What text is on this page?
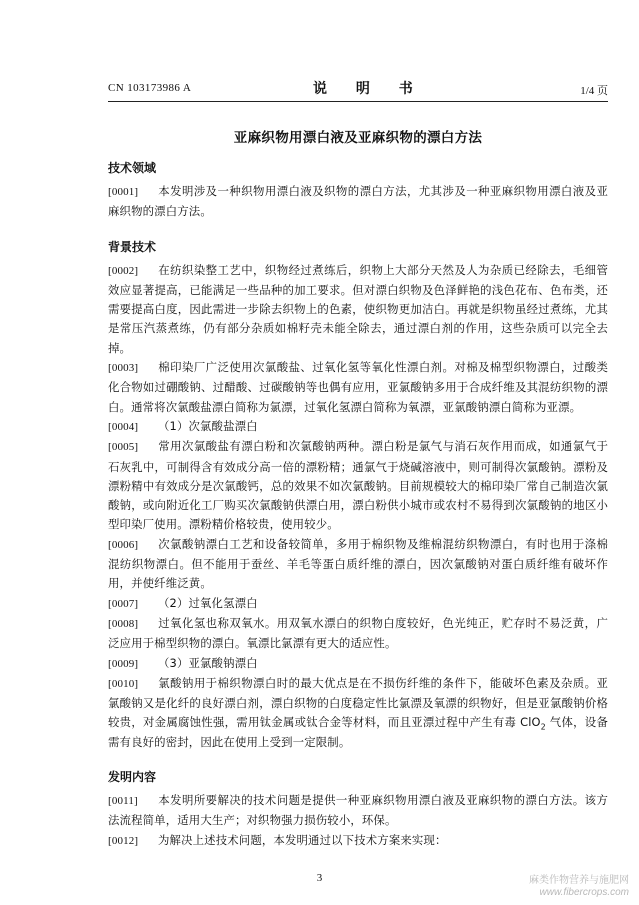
CN 103173986 A	说 明 书	1/4 页
亚麻织物用漂白液及亚麻织物的漂白方法
技术领域
[0001] 本发明涉及一种织物用漂白液及织物的漂白方法，尤其涉及一种亚麻织物用漂白液及亚麻织物的漂白方法。
背景技术
[0002] 在纺织染整工艺中，织物经过煮练后，织物上大部分天然及人为杂质已经除去，毛细管效应显著提高，已能满足一些品种的加工要求。但对漂白织物及色泽鲜艳的浅色花布、色布类，还需要提高白度，因此需进一步除去织物上的色素，使织物更加洁白。再就是织物虽经过煮练，尤其是常压汽蒸煮练，仍有部分杂质如棉籽壳未能全除去，通过漂白剂的作用，这些杂质可以完全去掉。
[0003] 棉印染厂广泛使用次氯酸盐、过氧化氢等氧化性漂白剂。对棉及棉型织物漂白，过酸类化合物如过硼酸钠、过醋酸、过碳酸钠等也偶有应用，亚氯酸钠多用于合成纤维及其混纺织物的漂白。通常将次氯酸盐漂白简称为氯漂，过氧化氢漂白简称为氧漂，亚氯酸钠漂白简称为亚漂。
[0004] （1）次氯酸盐漂白
[0005] 常用次氯酸盐有漂白粉和次氯酸钠两种。漂白粉是氯气与消石灰作用而成，如通氯气于石灰乳中，可制得含有效成分高一倍的漂粉精；通氯气于烧碱溶液中，则可制得次氯酸钠。漂粉及漂粉精中有效成分是次氯酸钙，总的效果不如次氯酸钠。目前规模较大的棉印染厂常自己制造次氯酸钠，或向附近化工厂购买次氯酸钠供漂白用，漂白粉供小城市或农村不易得到次氯酸钠的地区小型印染厂使用。漂粉精价格较贵，使用较少。
[0006] 次氯酸钠漂白工艺和设备较简单，多用于棉织物及维棉混纺织物漂白，有时也用于涤棉混纺织物漂白。但不能用于蚕丝、羊毛等蛋白质纤维的漂白，因次氯酸钠对蛋白质纤维有破坏作用，并使纤维泛黄。
[0007] （2）过氧化氢漂白
[0008] 过氧化氢也称双氧水。用双氧水漂白的织物白度较好，色光纯正，贮存时不易泛黄，广泛应用于棉型织物的漂白。氧漂比氯漂有更大的适应性。
[0009] （3）亚氯酸钠漂白
[0010] 氯酸钠用于棉织物漂白时的最大优点是在不损伤纤维的条件下，能破坏色素及杂质。亚氯酸钠又是化纤的良好漂白剂，漂白织物的白度稳定性比氯漂及氧漂的织物好，但是亚氯酸钠价格较贵，对金属腐蚀性强，需用钛金属或钛合金等材料，而且亚漂过程中产生有毒 ClO$_2$ 气体，设备需有良好的密封，因此在使用上受到一定限制。
发明内容
[0011] 本发明所要解决的技术问题是提供一种亚麻织物用漂白液及亚麻织物的漂白方法。该方法流程简单，适用大生产；对织物强力损伤较小，环保。
[0012] 为解决上述技术问题，本发明通过以下技术方案来实现：
3	麻类作物营养与施肥网
www.fibercrops.com
